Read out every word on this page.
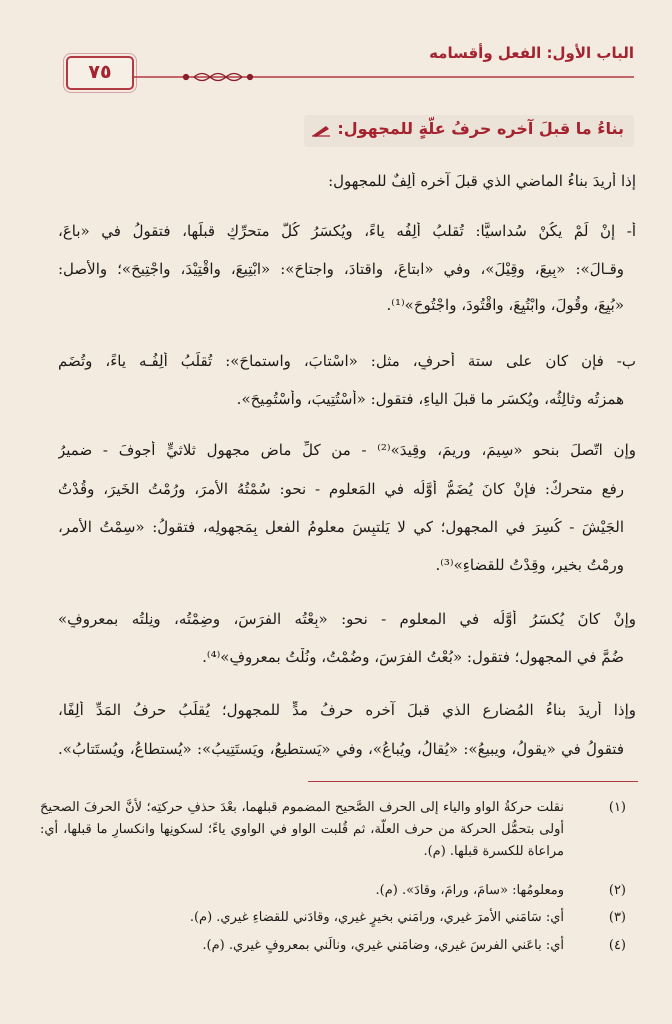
الباب الأول: الفعل وأقسامه
٧٥
بناءُ ما قبلَ آخره حرفُ علّةٍ للمجهول:
إذا أُريدَ بناءُ الماضي الذي قبلَ آخرِه أَلِفٌ للمجهول:
أ- إنْ لَمْ يكُنْ سُداسيًّا: تُقلبُ أَلِفُه ياءً، ويُكسَرُ كُلُّ متحرِّكٍ قبلَها، فتقولُ في «باعَ،
وقـالَ»: «بِيعَ، وقِيْلَ»، وفي «ابتاعَ، واقتادَ، واجتاحَ»: «ابْتِيعَ، واقْتِيْدَ، واجْتِيحَ»؛ والأصل:
«بُيِعَ، وقُوِلَ، وابْتُيِعَ، واقْتُوِدَ، واجْتُوِحَ»⁽¹⁾.
ب- فإن كان على ستة أحرفٍ، مثل: «اسْتابَ، واستماحَ»: تُقلَبُ ألِفُـه ياءً، وتُضَم
همزتُه وثالِثُه، ويُكسَر ما قبلَ الياءِ، فتقول: «أُسْتُتِيبَ، وأُسْتُمِيحَ».
وإنِ اتّصلَ بنحو «سِيمَ، وريمَ، وقِيدَ»⁽²⁾ - من كلِّ ماضٍ مجهولٍ ثلاثيٍّ أجوفَ - ضميرُ
رفعٍ متحركٌ: فإنْ كانَ يُضَمُّ أوَّلُه في المَعلوم - نحو: سُمْتُهُ الأمرَ، ورُمْتُ الخَيرَ، وقُدْتُ
الجَيْشَ - كُسِرَ في المجهول؛ كي لا يَلتبِسَ معلومُ الفعلِ بِمَجهولِه، فتقولُ: «سِمْتُ الأمر،
ورِمْتُ بخيرٍ، وقِدْتُ للقضاءِ»⁽³⁾.
وإنْ كانَ يُكسَرُ أوَّلُه في المعلوم - نحو: «بِعْتُه الفرَسَ، وضِمْتُه، ونِلتُه بمعروفٍ»
ضُمَّ في المجهول؛ فتقول: «بُعْتُ الفرَسَ، وضُمْتُ، ونُلْتُ بمعروفٍ»⁽⁴⁾.
وإذا أُريدَ بناءُ المُضارعِ الذي قبلَ آخره حرفُ مدٍّ للمجهول؛ يُقلَبُ حرفُ المَدِّ ألِفًا،
فتقولُ في «يقولُ، ويبيعُ»: «يُقالُ، ويُباعُ»، وفي «يَستطيعُ، ويَستَتِيبُ»: «يُستطاعُ، ويُستَتابُ».
(١)
نقلت حركةُ الواو والياء إلى الحرف الصَّحيح المضموم قبلهما، بعْدَ حذفِ حركتِه؛ لأنَّ الحرفَ الصحيحَ أولى بتحمُّل الحركة من حرف العلّة، ثم قُلبت الواو في الواوي ياءً؛ لسكونِها وانكسارِ ما قبلها، أي: مراعاة للكسرة قبلها. (م).
(٢)
ومعلومُها: «سامَ، ورامَ، وقادَ». (م).
(٣)
أي: سَامَني الأمرَ غيري، ورامَني بخيرٍ غيري، وقادَني للقضاءِ غيري. (م).
(٤)
أي: باعَني الفرسَ غيري، وضامَني غيري، ونالَني بمعروفٍ غيري. (م).
